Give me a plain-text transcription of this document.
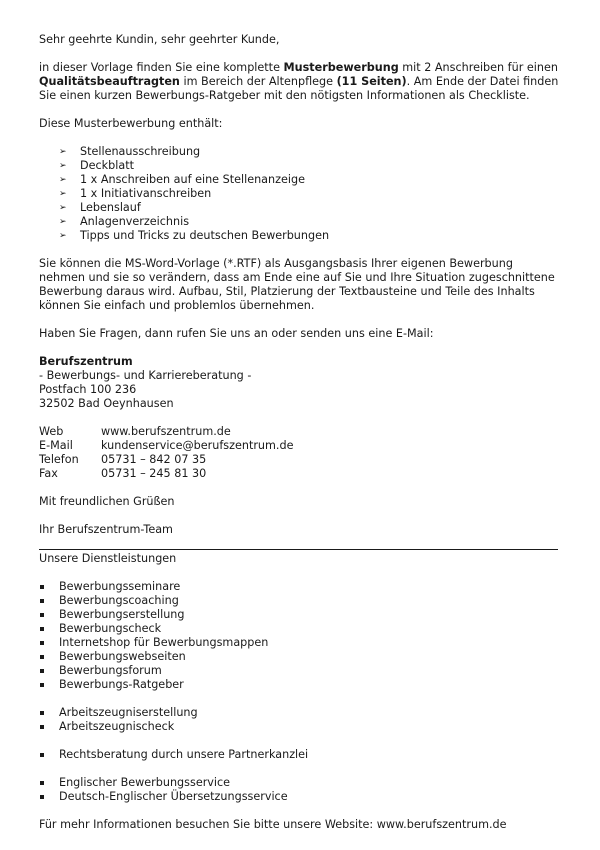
Sehr geehrte Kundin, sehr geehrter Kunde,

in dieser Vorlage finden Sie eine komplette Musterbewerbung mit 2 Anschreiben für einen Qualitätsbeauftragten im Bereich der Altenpflege (11 Seiten). Am Ende der Datei finden Sie einen kurzen Bewerbungs-Ratgeber mit den nötigsten Informationen als Checkliste.

Diese Musterbewerbung enthält:

➢ Stellenausschreibung
➢ Deckblatt
➢ 1 x Anschreiben auf eine Stellenanzeige
➢ 1 x Initiativanschreiben
➢ Lebenslauf
➢ Anlagenverzeichnis
➢ Tipps und Tricks zu deutschen Bewerbungen

Sie können die MS-Word-Vorlage (*.RTF) als Ausgangsbasis Ihrer eigenen Bewerbung nehmen und sie so verändern, dass am Ende eine auf Sie und Ihre Situation zugeschnittene Bewerbung daraus wird. Aufbau, Stil, Platzierung der Textbausteine und Teile des Inhalts können Sie einfach und problemlos übernehmen.

Haben Sie Fragen, dann rufen Sie uns an oder senden uns eine E-Mail:

Berufszentrum

- Bewerbungs- und Karriereberatung -

Postfach 100 236

32502 Bad Oeynhausen

Web	www.berufszentrum.de
E-Mail	kundenservice@berufszentrum.de
Telefon	05731 – 842 07 35
Fax	05731 – 245 81 30

Mit freundlichen Grüßen

Ihr Berufszentrum-Team

Unsere Dienstleistungen

Bewerbungsseminare
Bewerbungscoaching
Bewerbungserstellung
Bewerbungscheck
Internetshop für Bewerbungsmappen
Bewerbungswebseiten
Bewerbungsforum
Bewerbungs-Ratgeber
Arbeitszeugniserstellung
Arbeitszeugnischeck
Rechtsberatung durch unsere Partnerkanzlei
Englischer Bewerbungsservice
Deutsch-Englischer Übersetzungsservice

Für mehr Informationen besuchen Sie bitte unsere Website: www.berufszentrum.de
